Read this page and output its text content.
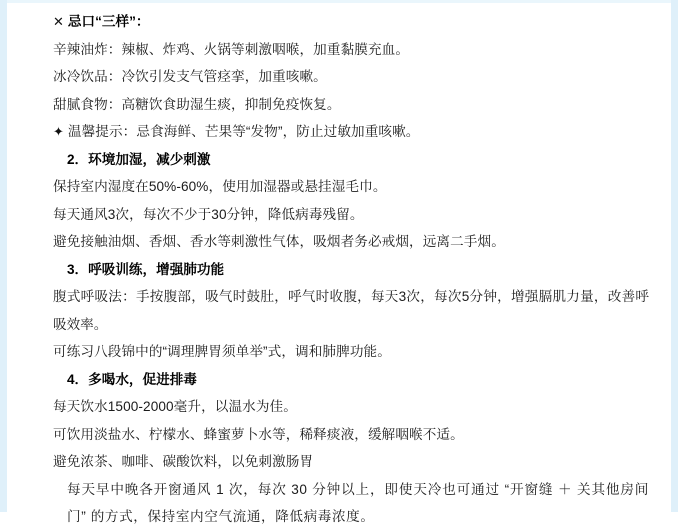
✕ 忌口“三样”：
辛辣油炸：辣椒、炸鸡、火锅等刺激咽喉，加重黏膜充血。
冰冷饮品：冷饮引发支气管痉挛，加重咳嗽。
甜腻食物：高糖饮食助湿生痰，抑制免疫恢复。
✦ 温馨提示：忌食海鲜、芒果等“发物”，防止过敏加重咳嗽。
2．环境加湿，减少刺激
保持室内湿度在50%-60%，使用加湿器或悬挂湿毛巾。
每天通风3次，每次不少于30分钟，降低病毒残留。
避免接触油烟、香烟、香水等刺激性气体，吸烟者务必戒烟，远离二手烟。
3．呼吸训练，增强肺功能
腹式呼吸法：手按腹部，吸气时鼓肚，呼气时收腹，每天3次，每次5分钟，增强膈肌力量，改善呼吸效率。
可练习八段锦中的“调理脾胃须单举”式，调和肺脾功能。
4．多喝水，促进排毒
每天饮水1500-2000毫升，以温水为佳。
可饮用淡盐水、柠檬水、蜂蜜萝卜水等，稀释痰液，缓解咽喉不适。
避免浓茶、咖啡、碳酸饮料，以免刺激肠胃
每天早中晚各开窗通风 1 次，每次 30 分钟以上，即使天冷也可通过 “开窗缝 ＋ 关其他房间门” 的方式，保持室内空气流通，降低病毒浓度。
